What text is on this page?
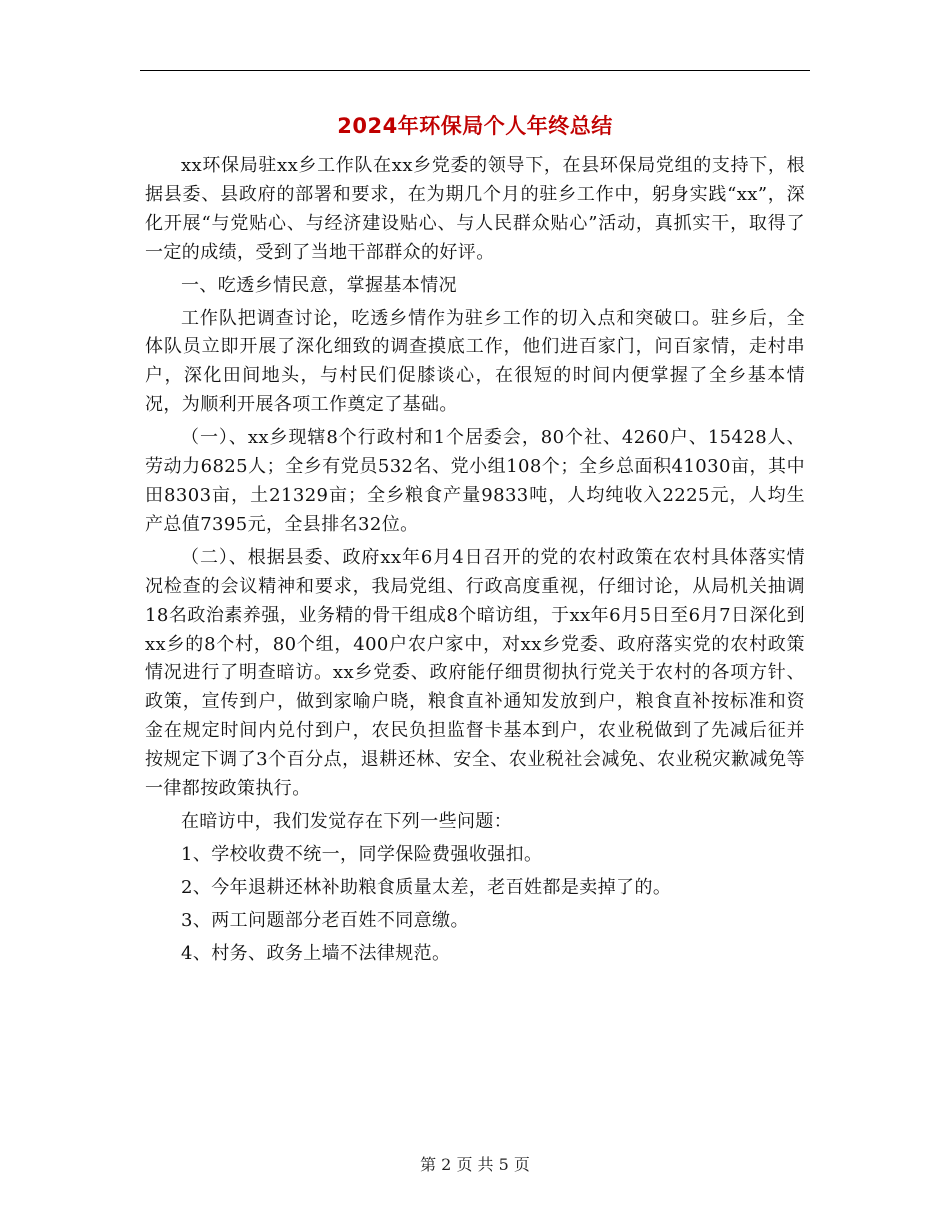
2024年环保局个人年终总结

xx环保局驻xx乡工作队在xx乡党委的领导下，在县环保局党组的支持下，根据县委、县政府的部署和要求，在为期几个月的驻乡工作中，躬身实践“xx”，深化开展“与党贴心、与经济建设贴心、与人民群众贴心”活动，真抓实干，取得了一定的成绩，受到了当地干部群众的好评。

一、吃透乡情民意，掌握基本情况

工作队把调查讨论，吃透乡情作为驻乡工作的切入点和突破口。驻乡后，全体队员立即开展了深化细致的调查摸底工作，他们进百家门，问百家情，走村串户，深化田间地头，与村民们促膝谈心，在很短的时间内便掌握了全乡基本情况，为顺利开展各项工作奠定了基础。

（一）、xx乡现辖8个行政村和1个居委会，80个社、4260户、15428人、劳动力6825人；全乡有党员532名、党小组108个；全乡总面积41030亩，其中田8303亩，土21329亩；全乡粮食产量9833吨，人均纯收入2225元，人均生产总值7395元，全县排名32位。

（二）、根据县委、政府xx年6月4日召开的党的农村政策在农村具体落实情况检查的会议精神和要求，我局党组、行政高度重视，仔细讨论，从局机关抽调18名政治素养强，业务精的骨干组成8个暗访组，于xx年6月5日至6月7日深化到xx乡的8个村，80个组，400户农户家中，对xx乡党委、政府落实党的农村政策情况进行了明查暗访。xx乡党委、政府能仔细贯彻执行党关于农村的各项方针、政策，宣传到户，做到家喻户晓，粮食直补通知发放到户，粮食直补按标准和资金在规定时间内兑付到户，农民负担监督卡基本到户，农业税做到了先减后征并按规定下调了3个百分点，退耕还林、安全、农业税社会减免、农业税灾歉减免等一律都按政策执行。

在暗访中，我们发觉存在下列一些问题：

1、学校收费不统一，同学保险费强收强扣。

2、今年退耕还林补助粮食质量太差，老百姓都是卖掉了的。

3、两工问题部分老百姓不同意缴。

4、村务、政务上墙不法律规范。

第 2 页 共 5 页
